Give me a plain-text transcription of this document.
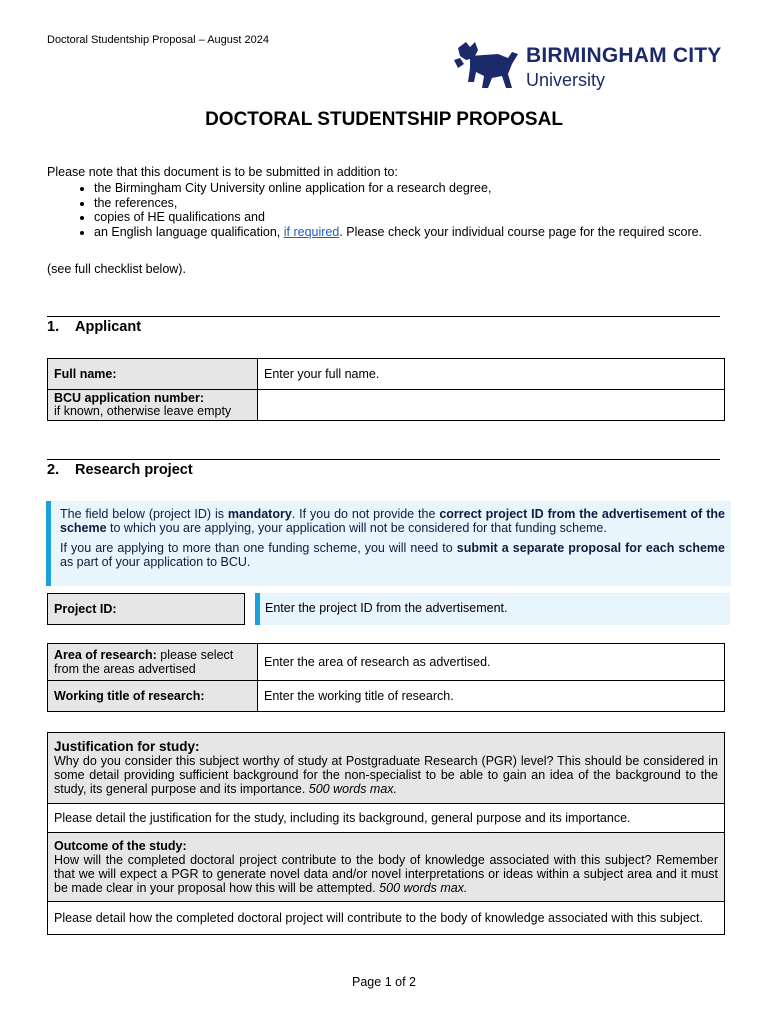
Doctoral Studentship Proposal – August 2024
BIRMINGHAM CITY
University
DOCTORAL STUDENTSHIP PROPOSAL
Please note that this document is to be submitted in addition to:
• the Birmingham City University online application for a research degree,
• the references,
• copies of HE qualifications and
• an English language qualification, if required. Please check your individual course page for the required score.
(see full checklist below).
1. Applicant
Full name:	Enter your full name.
BCU application number:
if known, otherwise leave empty	
2. Research project

The field below (project ID) is mandatory. If you do not provide the correct project ID from the advertisement of the scheme to which you are applying, your application will not be considered for that funding scheme.

If you are applying to more than one funding scheme, you will need to submit a separate proposal for each scheme as part of your application to BCU.

Project ID:	Enter the project ID from the advertisement.
Area of research: please select from the areas advertised	Enter the area of research as advertised.
Working title of research:	Enter the working title of research.
Justification for study:
Why do you consider this subject worthy of study at Postgraduate Research (PGR) level? This should be considered in some detail providing sufficient background for the non-specialist to be able to gain an idea of the background to the study, its general purpose and its importance. 500 words max.
Please detail the justification for the study, including its background, general purpose and its importance.
Outcome of the study:
How will the completed doctoral project contribute to the body of knowledge associated with this subject? Remember that we will expect a PGR to generate novel data and/or novel interpretations or ideas within a subject area and it must be made clear in your proposal how this will be attempted. 500 words max.
Please detail how the completed doctoral project will contribute to the body of knowledge associated with this subject.
Page 1 of 2
